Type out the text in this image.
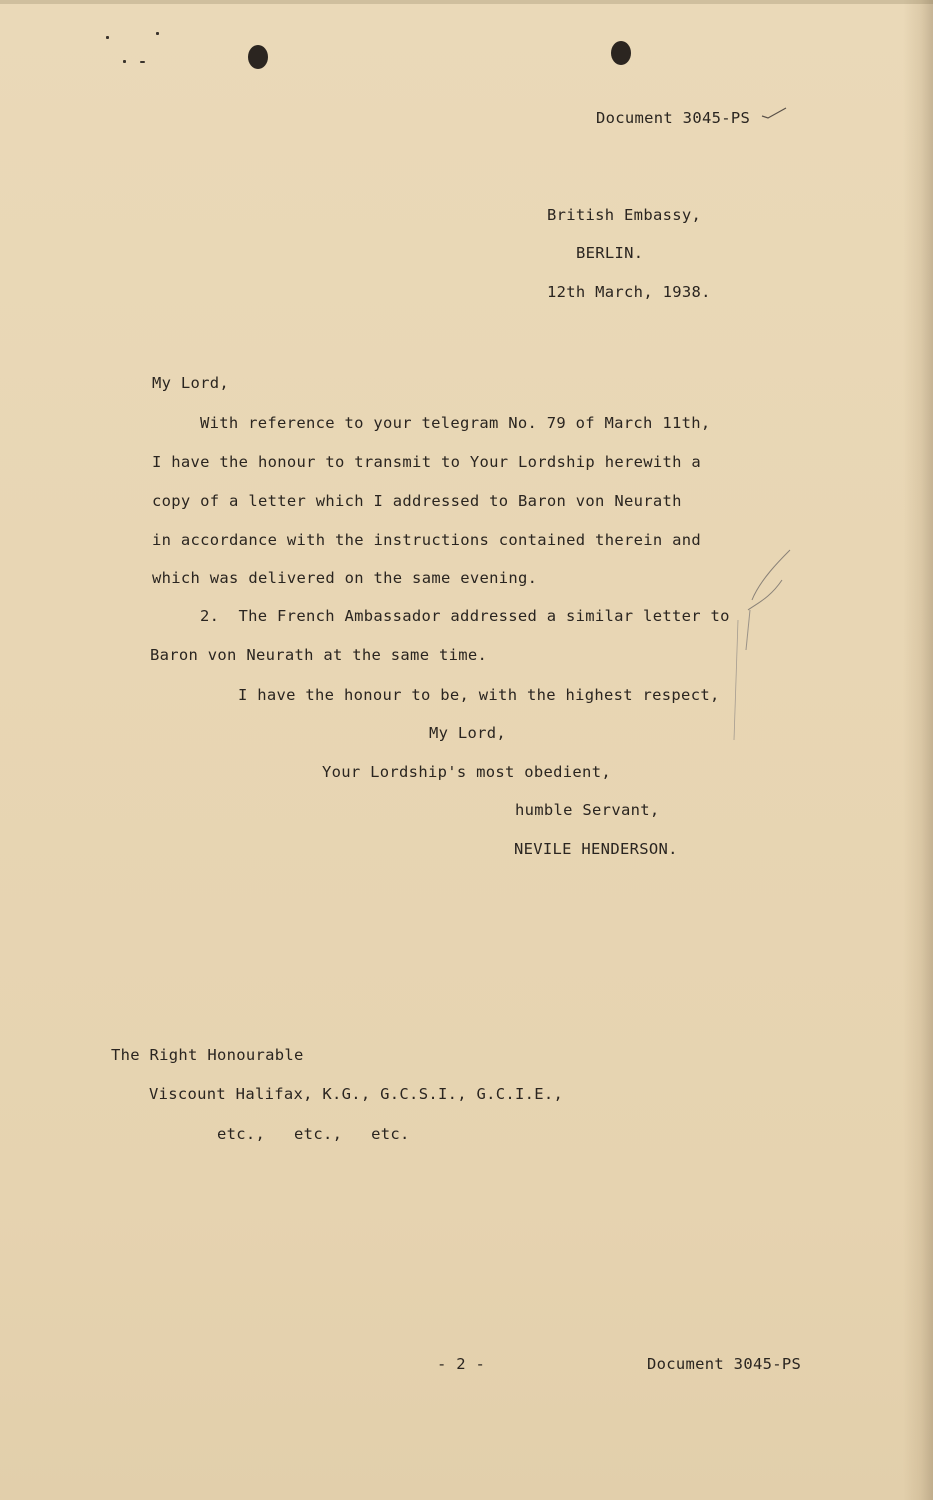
Document 3045-PS
British Embassy,
BERLIN.
12th March, 1938.
My Lord,
With reference to your telegram No. 79 of March 11th,
I have the honour to transmit to Your Lordship herewith a
copy of a letter which I addressed to Baron von Neurath
in accordance with the instructions contained therein and
which was delivered on the same evening.
2.  The French Ambassador addressed a similar letter to
Baron von Neurath at the same time.
I have the honour to be, with the highest respect,
My Lord,
Your Lordship's most obedient,
humble Servant,
NEVILE HENDERSON.
The Right Honourable
Viscount Halifax, K.G., G.C.S.I., G.C.I.E.,
etc.,   etc.,   etc.
- 2 -	Document 3045-PS
